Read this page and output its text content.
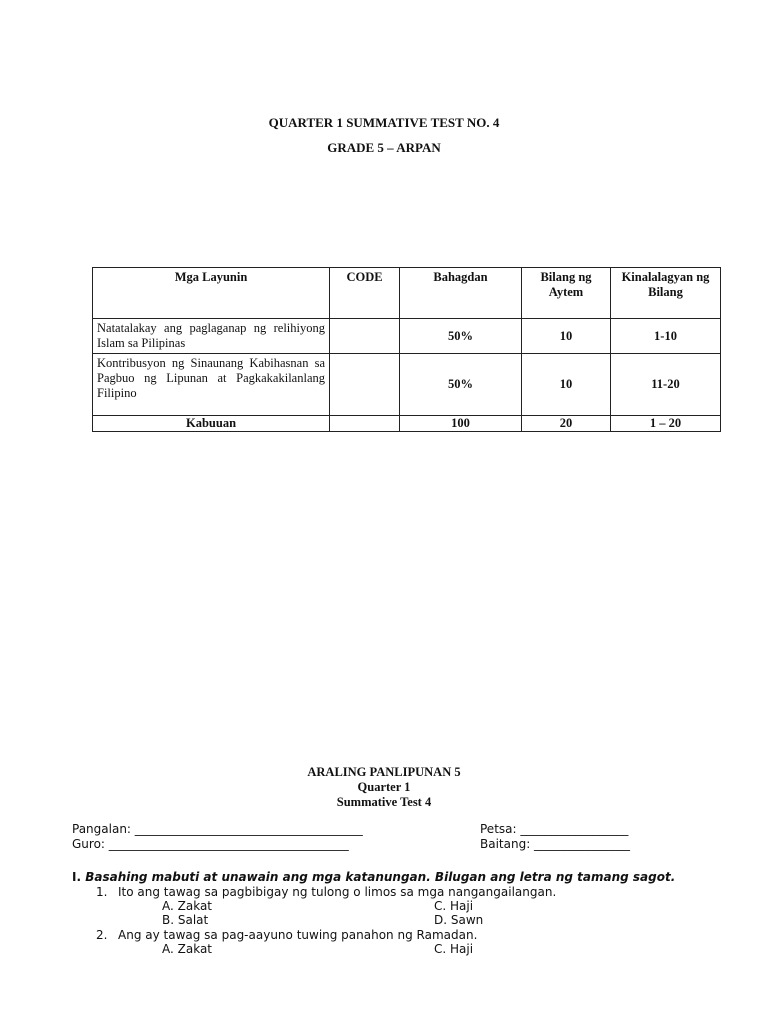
QUARTER 1 SUMMATIVE TEST NO. 4
GRADE 5 – ARPAN
Mga Layunin	CODE	Bahagdan	Bilang ng Aytem	Kinalalagyan ng Bilang
Natatalakay ang paglaganap ng relihiyong Islam sa Pilipinas		50%	10	1-10
Kontribusyon ng Sinaunang Kabihasnan sa Pagbuo ng Lipunan at Pagkakakilanlang Filipino		50%	10	11-20
Kabuuan		100	20	1 – 20
ARALING PANLIPUNAN 5
Quarter 1
Summative Test 4
Pangalan: ______________________________________	Petsa: __________________
Guro: ________________________________________	Baitang: ________________
I. Basahing mabuti at unawain ang mga katanungan. Bilugan ang letra ng tamang sagot.
1. Ito ang tawag sa pagbibigay ng tulong o limos sa mga nangangailangan.
A. Zakat	C. Haji
B. Salat	D. Sawn
2. Ang ay tawag sa pag-aayuno tuwing panahon ng Ramadan.
A. Zakat	C. Haji
